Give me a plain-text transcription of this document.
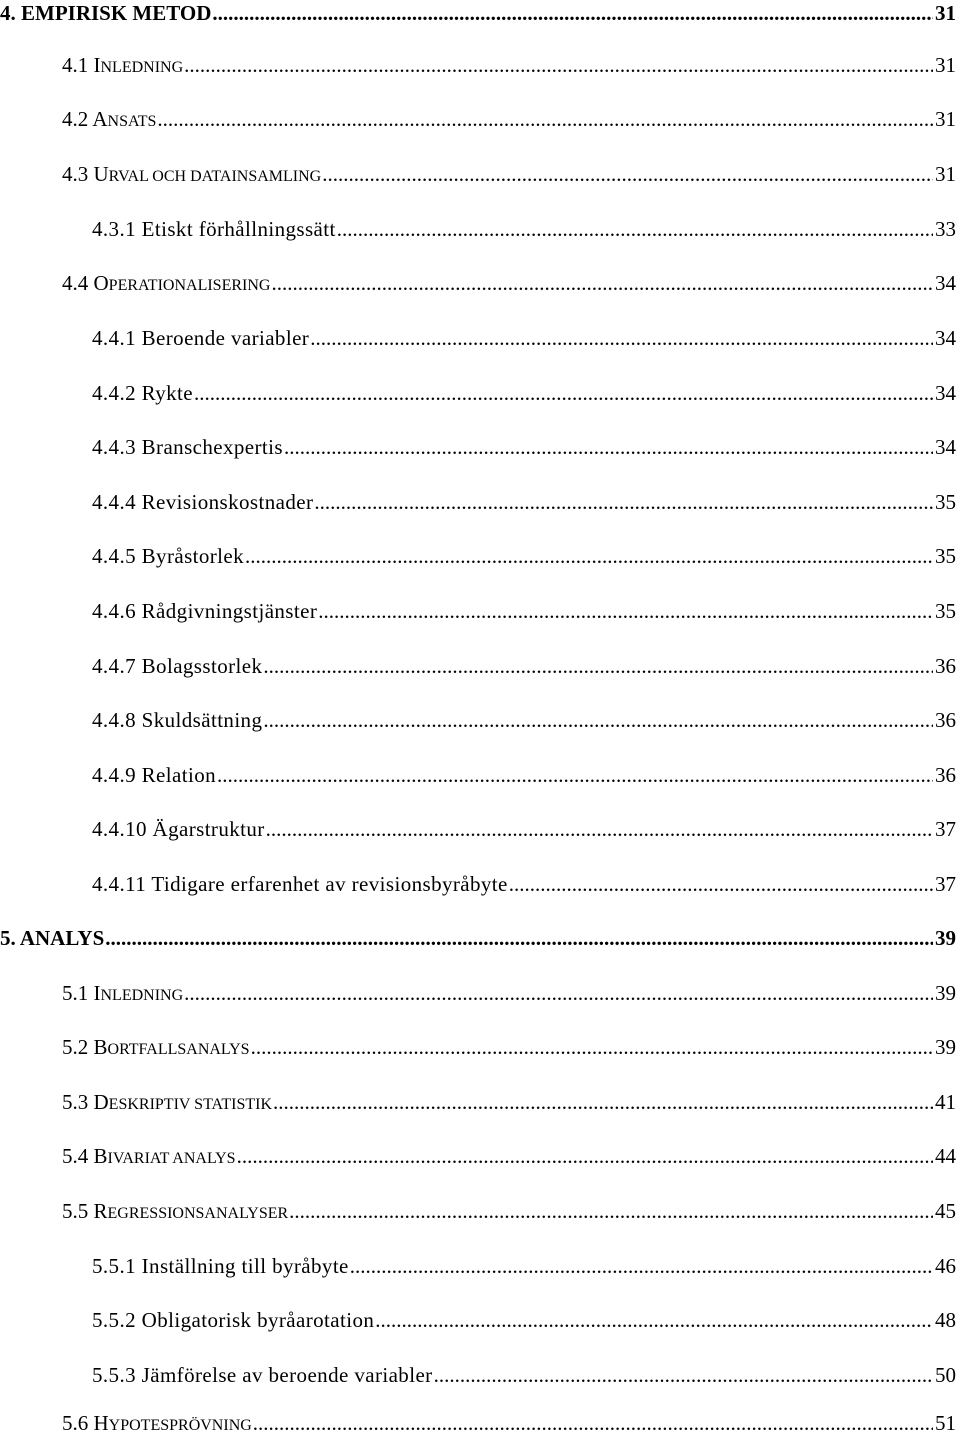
4. EMPIRISK METOD .....	31
4.1 INLEDNING .....	31
4.2 ANSATS .....	31
4.3 URVAL OCH DATAINSAMLING .....	31
4.3.1 Etiskt förhållningssätt .....	33
4.4 OPERATIONALISERING .....	34
4.4.1 Beroende variabler .....	34
4.4.2 Rykte .....	34
4.4.3 Branschexpertis .....	34
4.4.4 Revisionskostnader .....	35
4.4.5 Byråstorlek .....	35
4.4.6 Rådgivningstjänster .....	35
4.4.7 Bolagsstorlek .....	36
4.4.8 Skuldsättning .....	36
4.4.9 Relation .....	36
4.4.10 Ägarstruktur .....	37
4.4.11 Tidigare erfarenhet av revisionsbyråbyte .....	37
5. ANALYS .....	39
5.1 INLEDNING .....	39
5.2 BORTFALLSANALYS .....	39
5.3 DESKRIPTIV STATISTIK .....	41
5.4 BIVARIAT ANALYS .....	44
5.5 REGRESSIONSANALYSER .....	45
5.5.1 Inställning till byråbyte .....	46
5.5.2 Obligatorisk byråarotation .....	48
5.5.3 Jämförelse av beroende variabler .....	50
5.6 HYPOTESPRÖVNING .....	51
